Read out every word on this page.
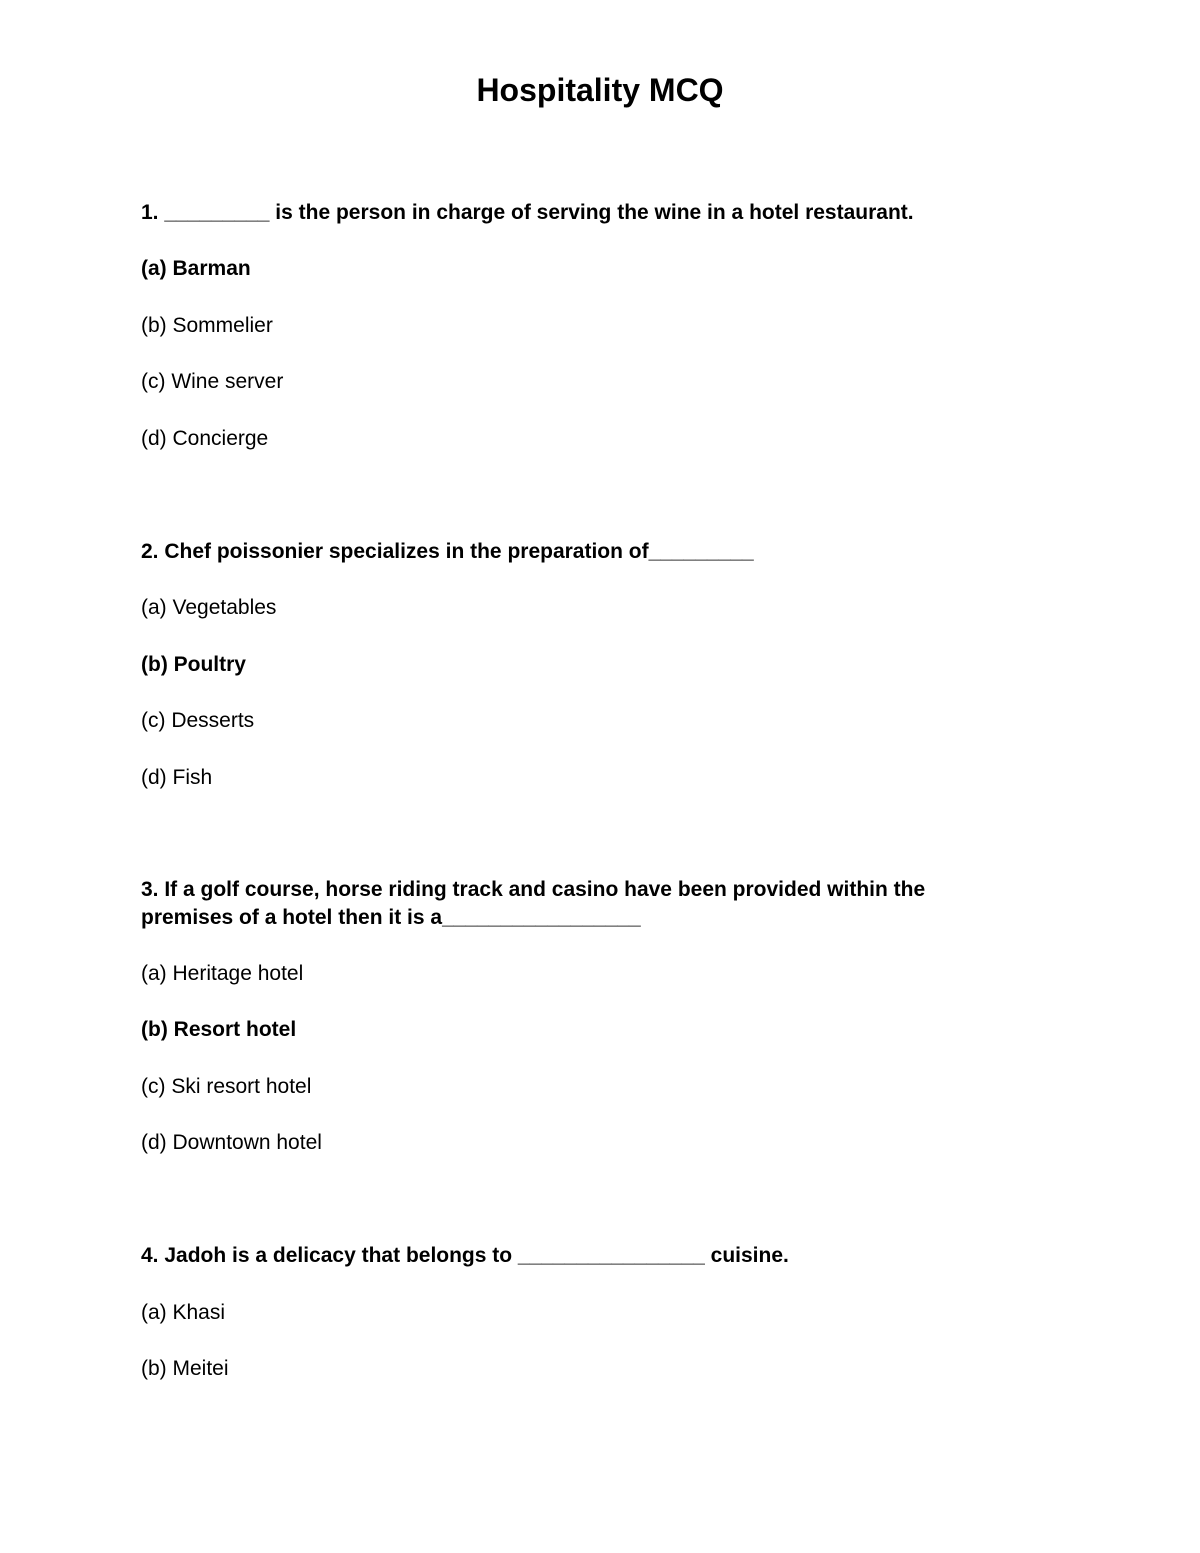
Hospitality MCQ
1. _________ is the person in charge of serving the wine in a hotel restaurant.
(a) Barman
(b) Sommelier
(c) Wine server
(d) Concierge
2. Chef poissonier specializes in the preparation of_________
(a) Vegetables
(b) Poultry
(c) Desserts
(d) Fish
3. If a golf course, horse riding track and casino have been provided within the
premises of a hotel then it is a_________________
(a) Heritage hotel
(b) Resort hotel
(c) Ski resort hotel
(d) Downtown hotel
4. Jadoh is a delicacy that belongs to ________________ cuisine.
(a) Khasi
(b) Meitei
